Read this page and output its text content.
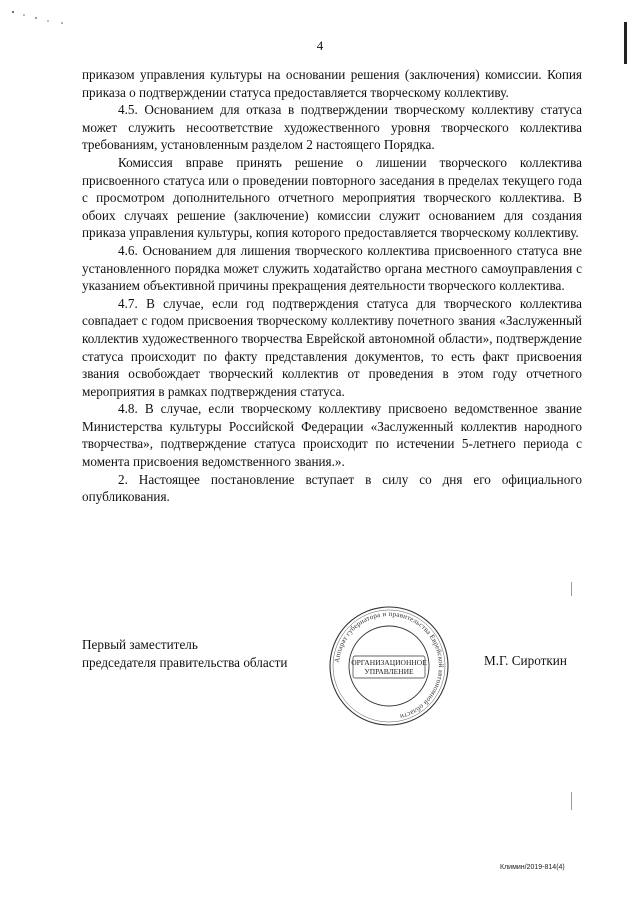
4

приказом управления культуры на основании решения (заключения) комиссии. Копия приказа о подтверждении статуса предоставляется творческому коллективу.

4.5. Основанием для отказа в подтверждении творческому коллективу статуса может служить несоответствие художественного уровня творческого коллектива требованиям, установленным разделом 2 настоящего Порядка.

Комиссия вправе принять решение о лишении творческого коллектива присвоенного статуса или о проведении повторного заседания в пределах текущего года с просмотром дополнительного отчетного мероприятия творческого коллектива. В обоих случаях решение (заключение) комиссии служит основанием для создания приказа управления культуры, копия которого предоставляется творческому коллективу.

4.6. Основанием для лишения творческого коллектива присвоенного статуса вне установленного порядка может служить ходатайство органа местного самоуправления с указанием объективной причины прекращения деятельности творческого коллектива.

4.7. В случае, если год подтверждения статуса для творческого коллектива совпадает с годом присвоения творческому коллективу почетного звания «Заслуженный коллектив художественного творчества Еврейской автономной области», подтверждение статуса происходит по факту представления документов, то есть факт присвоения звания освобождает творческий коллектив от проведения в этом году отчетного мероприятия в рамках подтверждения статуса.

4.8. В случае, если творческому коллективу присвоено ведомственное звание Министерства культуры Российской Федерации «Заслуженный коллектив народного творчества», подтверждение статуса происходит по истечении 5-летнего периода с момента присвоения ведомственного звания.».

2. Настоящее постановление вступает в силу со дня его официального опубликования.

Первый заместитель
председателя правительства области	Аппарат губернатора и правительства Еврейской автономной области
ОРГАНИЗАЦИОННОЕ
УПРАВЛЕНИЕ
М.Г. Сироткин
Климин/2019-814(4)
